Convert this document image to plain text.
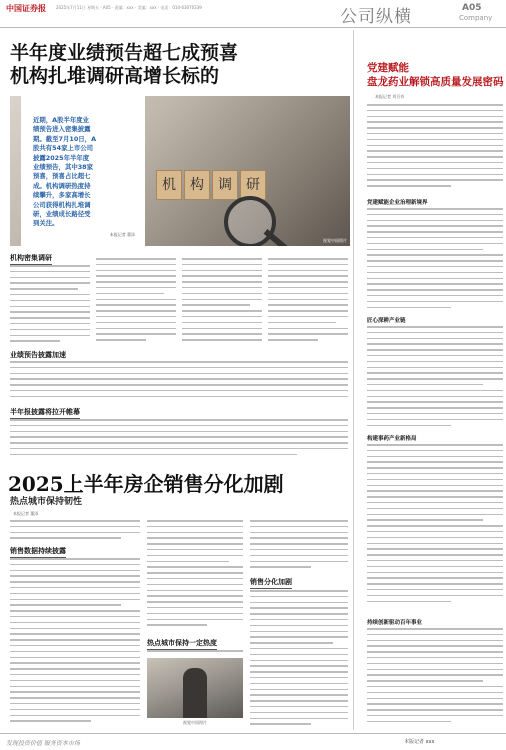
中国证券报	2025年7月11日 星期五 · A05 · 责编：xxx · 美编：xxx · 电话：010-63070339	公司纵横	A05
Company
半年度业绩预告超七成预喜
机构扎堆调研高增长标的
近期，A股半年度业
绩预告进入密集披露
期。截至7月10日，A
股共有54家上市公司
披露2025年半年度
业绩预告，其中38家
预喜，预喜占比超七
成。机构调研热度持
续攀升，多家高增长
公司获得机构扎堆调
研，业绩成长路径受
到关注。
本报记者 董添
机	构	调	研
视觉中国图片
机构密集调研
业绩预告披露加速
半年报披露将拉开帷幕
2025上半年房企销售分化加剧
热点城市保持韧性
本报记者 董添
销售数据持续披露
热点城市保持一定热度
销售分化加剧
视觉中国图片
党建赋能
盘龙药业解锁高质量发展密码
本报记者 刘百奇
党建赋能企业治理新境界
匠心深耕产业链
构建事药产业新格局
持续创新驱动百年事业
发现投资价值 服务资本市场	本版记者 xxx
